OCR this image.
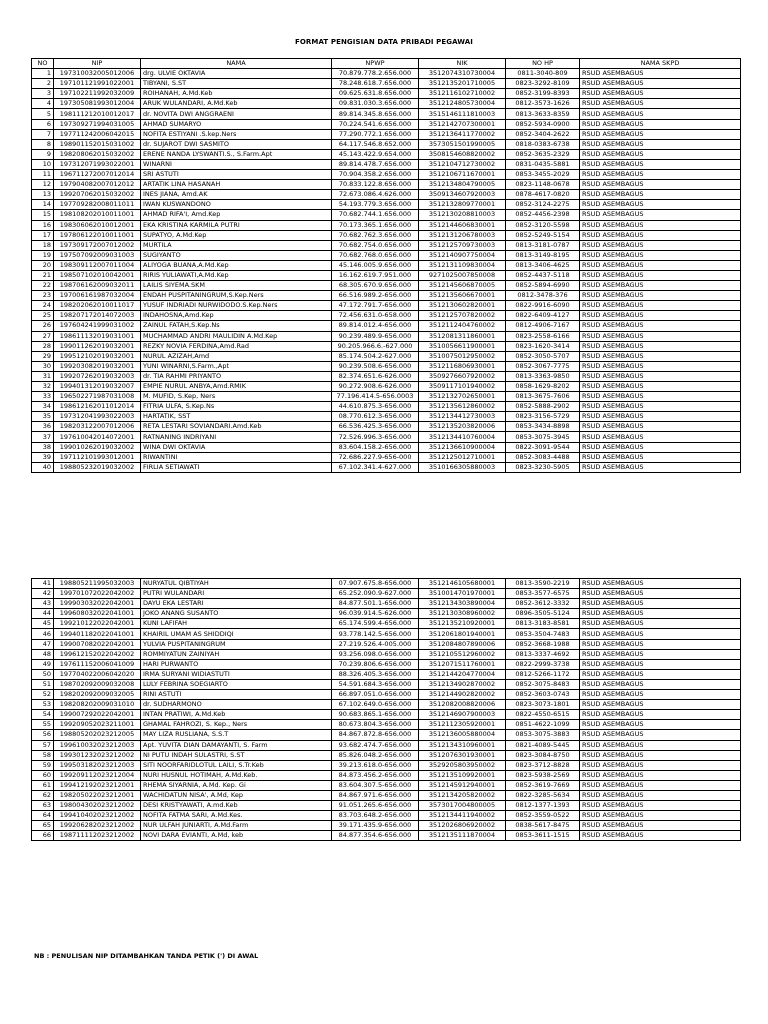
FORMAT PENGISIAN DATA PRIBADI PEGAWAI
NO	NIP	NAMA	NPWP	NIK	NO HP	NAMA SKPD
1	197310032005012006	drg. ULVIE OKTAVIA	70.879.778.2.656.000	3512074310730004	0811-3040-809	RSUD ASEMBAGUS
2	197101121991022001	TIBYANI, S.ST	78.248.618.7.656.000	3512135201710005	0823-3292-8109	RSUD ASEMBAGUS
3	197102211992032009	ROIHANAH, A.Md.Keb	09.625.631.8.656.000	3512116102710002	0852-3199-8393	RSUD ASEMBAGUS
4	197305081993012004	ARUK WULANDARI, A.Md.Keb	09.831.030.3.656.000	3512124805730004	0812-3573-1626	RSUD ASEMBAGUS
5	198111212010012017	dr. NOVITA DWI ANGGRAENI	89.814.345.8.656.000	3515146111810003	0813-3633-8359	RSUD ASEMBAGUS
6	197309271994031005	AHMAD SUMARYO	70.224.541.6.656.000	3512142707300001	0852-5934-0900	RSUD ASEMBAGUS
7	197711242006042015	NOFITA ESTIYANI .S.kep.Ners	77.290.772.1.656.000	3512136411770002	0852-3404-2622	RSUD ASEMBAGUS
8	198901152015031002	dr. SUJAROT DWI SASMITO	64.117.546.8.652.000	3573051501990005	0818-0383-6738	RSUD ASEMBAGUS
9	198208062015032002	ERENE NANDA LYSWANTI.S., S.Farm.Apt	45.143.422.9.654.000	3508154608820002	0852-3635-2329	RSUD ASEMBAGUS
10	197312071993022001	WINARNI	89.814.478.7.656.000	3512104712730002	0831-0435-5881	RSUD ASEMBAGUS
11	196711272007012014	SRI ASTUTI	70.904.358.2.656.000	3512106711670001	0853-3455-2029	RSUD ASEMBAGUS
12	197904082007012012	ARTATIK LINA HASANAH	70.833.122.8.656.000	3512134804790005	0823-1148-0678	RSUD ASEMBAGUS
13	199207062015032002	INES JIANA, Amd.AK	72.673.086.4.626.000	3509134607920003	0878-4617-0820	RSUD ASEMBAGUS
14	197709282008011011	IWAN KUSWANDONO	54.193.779.3.656.000	3512132809770001	0852-3124-2275	RSUD ASEMBAGUS
15	198108202010011001	AHMAD RIFA'I, Amd.Kep	70.682.744.1.656.000	3512130208810003	0852-4456-2398	RSUD ASEMBAGUS
16	198306062010012001	EKA KRISTINA KARMILA PUTRI	70.173.365.1.656.000	3512144606830001	0852-3120-5598	RSUD ASEMBAGUS
17	197806122010011001	SUPATYO, A.Md.Kep	70.682.762.3.656.000	3512131206780003	0852-5249-5154	RSUD ASEMBAGUS
18	197309172007012002	MURTILA	70.682.754.0.656.000	3512125709730003	0813-3181-0787	RSUD ASEMBAGUS
19	197507092009031003	SUGIYANTO	70.682.768.0.656.000	3512140907750004	0813-3149-8195	RSUD ASEMBAGUS
20	198309112007011004	ALIYOGA BUANA,A.Md.Kep	45.146.005.9.656.000	3512131109830004	0813-3406-4625	RSUD ASEMBAGUS
21	198507102010042001	RIRIS YULIAWATI,A.Md.Kep	16.162.619.7.951.000	9271025007850008	0852-4437-5118	RSUD ASEMBAGUS
22	198706162009032011	LAILIS SIYEMA.SKM	68.305.670.9.656.000	3512145606870005	0852-5894-6990	RSUD ASEMBAGUS
23	197006161987032004	ENDAH PUSPITANINGRUM,S.Kep.Ners	66.516.989.2-656.000	3512135606670001	0812-3478-376	RSUD ASEMBAGUS
24	198202062010011017	YUSUF INDRIADI NURWIDODO.S.Kep.Ners	47.172.791.7-656.000	3512130602820001	0822-9916-6090	RSUD ASEMBAGUS
25	198207172014072003	INDAHOSNA,Amd.Kep	72.456.631.0-658.000	3512125707820002	0822-6409-4127	RSUD ASEMBAGUS
26	197604241999031002	ZAINUL FATAH,S.Kep.Ns	89.814.012.4-656.000	3512112404760002	0812-4906-7167	RSUD ASEMBAGUS
27	198611132019031001	MUCHAMMAD ANDRI MAULIDIN A.Md.Kep	90.239.489.9-656.000	3512081311860001	0823-2558-6166	RSUD ASEMBAGUS
28	199011262019032001	REZKY NOVIA FERDINA,Amd.Rad	90.205.966.6.-627.000	3510056611900001	0823-1620-3414	RSUD ASEMBAGUS
29	199512102019032001	NURUL AZIZAH,Amd	85.174.504.2-627.000	3510075012950002	0852-3050-5707	RSUD ASEMBAGUS
30	199203082019032001	YUNI WINARNI,S.Farm.,Apt	90.239.508.6-656.000	3512116806930001	0852-3067-7775	RSUD ASEMBAGUS
31	199207262019032003	dr. TIA RAHMI PRIYANTO	82.374.651.6-626.000	3509276607920002	0813-3363-9850	RSUD ASEMBAGUS
32	199401312019032007	EMPIE NURUL ANBYA,Amd.RMIK	90.272.908.6-626.000	3509117101940002	0858-1629-8202	RSUD ASEMBAGUS
33	196502271987031008	M. MUFID, S.Kep, Ners	77.196.414.5-656.0003	3512132702650001	0813-3675-7606	RSUD ASEMBAGUS
34	198612162011012014	FITRIA ULFA, S.Kep.Ns	44.610.875.3-656.000	3512135612860002	0852-5888-2902	RSUD ASEMBAGUS
35	197312041993022003	HARTATIK, SST	08.770.612.3-656.000	3512134412730003	0823-3156-5729	RSUD ASEMBAGUS
36	198203122007012006	RETA LESTARI SOVIANDARI.Amd.Keb	66.536.425.3-656.000	3512135203820006	0853-3434-8898	RSUD ASEMBAGUS
37	197610042014072001	RATNANING INDRIYANI	72.526.996.3-656.000	3512134410760004	0853-3075-3945	RSUD ASEMBAGUS
38	199010262019032002	WINA DWI OKTAVIA	83.604.158.2-656.000	3512136610900004	0822-3091-9544	RSUD ASEMBAGUS
39	197112101993012001	RIWANTINI	72.686.227.9-656-000	3512125012710001	0852-3083-4488	RSUD ASEMBAGUS
40	198805232019032002	FIRLIA SETIAWATI	67.102.341.4-627.000	3510166305880003	0823-3230-5905	RSUD ASEMBAGUS
41	198805211995032003	NURYATUL QIBTIYAH	07.907.675.8-656.000	3512146105680001	0813-3590-2219	RSUD ASEMBAGUS
42	199701072022042002	PUTRI WULANDARI	65.252.090.9-627.000	3510014701970001	0853-3577-6575	RSUD ASEMBAGUS
43	199903032022042001	DAYU EKA LESTARI	84.877.501.1-656.000	3512134303890004	0852-3612-3332	RSUD ASEMBAGUS
44	199608032022041001	JOKO ANANG SUSANTO	96.039.914.5-626.000	3512130308960002	0896-3505-5124	RSUD ASEMBAGUS
45	199210122022042001	KUNI LAFIFAH	65.174.599.4-656.000	3512135210920001	0813-3183-8581	RSUD ASEMBAGUS
46	199401182022041001	KHAIRIL UMAM AS SHIDDIQI	93.778.142.5-656.000	3512061801940001	0853-3504-7483	RSUD ASEMBAGUS
47	199007082022042001	YULVIA PUSPITANINGRUM	27.219.526.4-005.000	3512084807890006	0852-3668-1988	RSUD ASEMBAGUS
48	199612152022042002	ROMMIYATUN ZAINIYAH	93.256.098.0-656.000	3512105512960002	0813-3337-4692	RSUD ASEMBAGUS
49	197611152006041009	HARI PURWANTO	70.239.806.6-656.000	3512071511760001	0822-2999-3738	RSUD ASEMBAGUS
50	197704022006042020	IRMA SURYANI WIDIASTUTI	88.326.405.3-656.000	3512144204770004	0812-5266-1172	RSUD ASEMBAGUS
51	198702092009032008	LULY FEBRINA SOEGIARTO	54.591.684.3-656.000	3512134902870002	0852-3075-8483	RSUD ASEMBAGUS
52	198202092009032005	RINI ASTUTI	66.897.051.0-656.000	3512144902820002	0852-3603-0743	RSUD ASEMBAGUS
53	198208202009031010	dr. SUDHARMONO	67.102.649.0-656.000	3512082008820006	0823-3073-1801	RSUD ASEMBAGUS
54	199007292022042001	INTAN PRATIWI, A.Md.Keb	90.683.865.1-656.000	3512146907900003	0822-4550-6515	RSUD ASEMBAGUS
55	199209052023211001	GHAMAL FAHROZI, S. Kep., Ners	80.673.804.3-656.000	3512112305920001	0851-4622-1099	RSUD ASEMBAGUS
56	198805202023212005	MAY LIZA RUSLIANA, S.S.T	84.867.872.8-656.000	3512136005880004	0853-3075-3883	RSUD ASEMBAGUS
57	199610032023212003	Apt. YUVITA DIAN DAMAYANTI, S. Farm	93.682.474.7-656.000	3512134310960001	0821-4089-5445	RSUD ASEMBAGUS
58	199301232023212002	NI PUTU INDAH SULASTRI, S.ST	85.826.048.2-656.000	3512076301930001	0823-3084-8750	RSUD ASEMBAGUS
59	199503182023212003	SITI NOORFARIDLOTUL LAILI, S.Tr.Keb	39.213.618.0-656.000	3529205803950002	0823-3712-8828	RSUD ASEMBAGUS
60	199209112023212004	NURI HUSNUL HOTIMAH, A.Md.Keb.	84.873.456.2-656.000	3512135109920001	0823-5938-2569	RSUD ASEMBAGUS
61	199412192023212001	RHEMA SIYARNIA, A.Md. Kep. Gi	83.604.307.5-656.000	3512145912940001	0852-3619-7669	RSUD ASEMBAGUS
62	198205022023212001	WACHIDATUN NISA', A.Md, Kep	84.867.971.6-656.000	3512134205820002	0822-3285-5634	RSUD ASEMBAGUS
63	198004302023212002	DESI KRISTYAWATI, A.md.Keb	91.051.265.6-656.000	3573017004800005	0812-1377-1393	RSUD ASEMBAGUS
64	199410402023212002	NOFITA FATMA SARI, A.Md.Kes.	83.703.648.2-656.000	3512134411940002	0852-3559-0522	RSUD ASEMBAGUS
65	199206282023212002	NUR ULFAH JUNIARTI, A.Md.Farm	39.171.435.9-656.000	3512026806920002	0838-5617-8475	RSUD ASEMBAGUS
66	198711112023212002	NOVI DARA EVIANTI, A.Md, keb	84.877.354.6-656.000	3512135111870004	0853-3611-1515	RSUD ASEMBAGUS
NB : PENULISAN NIP DITAMBAHKAN TANDA PETIK (') DI AWAL
